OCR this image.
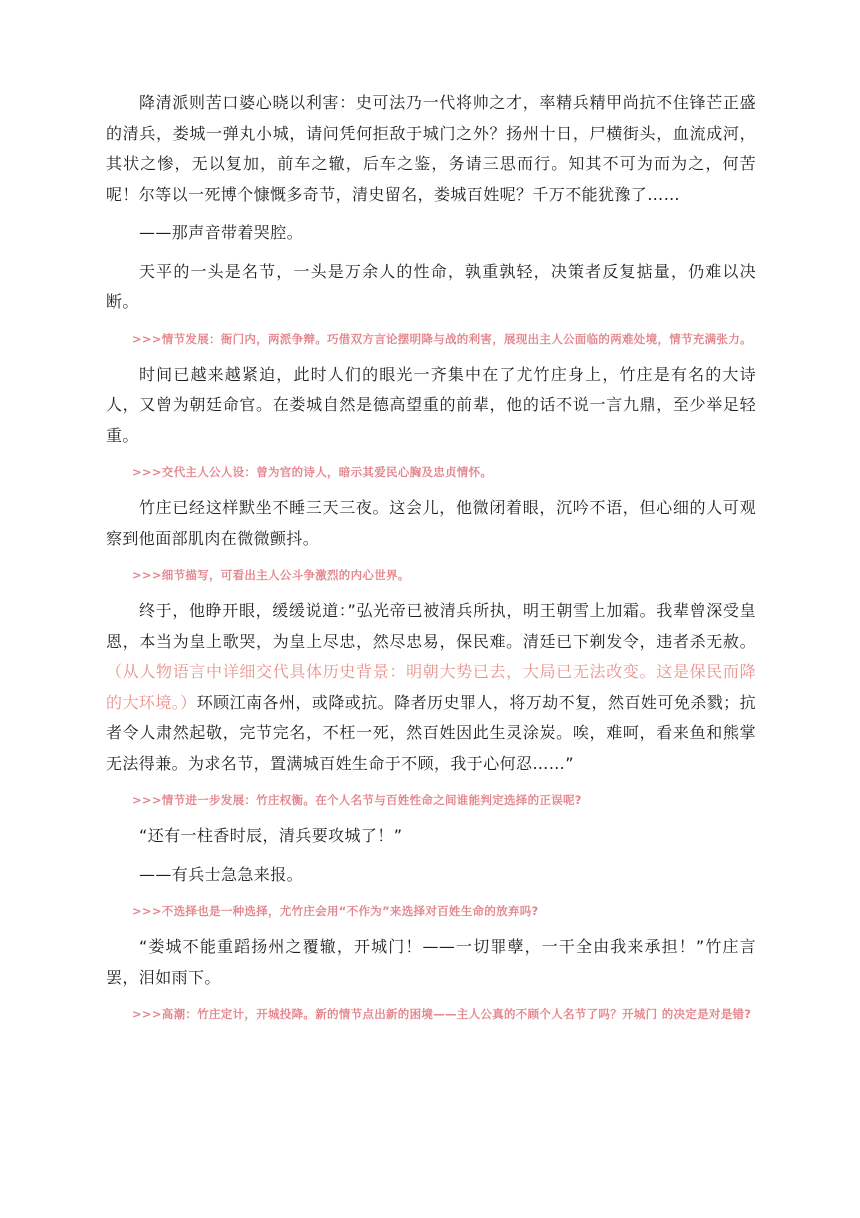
降清派则苦口婆心晓以利害：史可法乃一代将帅之才，率精兵精甲尚抗不住锋芒正盛的清兵，娄城一弹丸小城，请问凭何拒敌于城门之外？扬州十日，尸横街头，血流成河，其状之惨，无以复加，前车之辙，后车之鉴，务请三思而行。知其不可为而为之，何苦呢！尔等以一死博个慷慨多奇节，清史留名，娄城百姓呢？千万不能犹豫了……

——那声音带着哭腔。

天平的一头是名节，一头是万余人的性命，孰重孰轻，决策者反复掂量，仍难以决断。

>>>情节发展：衙门内，两派争辩。巧借双方言论摆明降与战的利害，展现出主人公面临的两难处境，情节充满张力。

时间已越来越紧迫，此时人们的眼光一齐集中在了尤竹庄身上，竹庄是有名的大诗人，又曾为朝廷命官。在娄城自然是德高望重的前辈，他的话不说一言九鼎，至少举足轻重。

>>>交代主人公人设：曾为官的诗人，暗示其爱民心胸及忠贞情怀。

竹庄已经这样默坐不睡三天三夜。这会儿，他微闭着眼，沉吟不语，但心细的人可观察到他面部肌肉在微微颤抖。

>>>细节描写，可看出主人公斗争激烈的内心世界。

终于，他睁开眼，缓缓说道：”弘光帝已被清兵所执，明王朝雪上加霜。我辈曾深受皇恩，本当为皇上歌哭，为皇上尽忠，然尽忠易，保民难。清廷已下剃发令，违者杀无赦。（从人物语言中详细交代具体历史背景：明朝大势已去，大局已无法改变。这是保民而降的大环境。）环顾江南各州，或降或抗。降者历史罪人，将万劫不复，然百姓可免杀戮；抗者令人肃然起敬，完节完名，不枉一死，然百姓因此生灵涂炭。唉，难呵，看来鱼和熊掌无法得兼。为求名节，置满城百姓生命于不顾，我于心何忍……”

>>>情节进一步发展：竹庄权衡。在个人名节与百姓性命之间谁能判定选择的正误呢?

“还有一柱香时辰，清兵要攻城了！”

——有兵士急急来报。

>>>不选择也是一种选择，尤竹庄会用“不作为”来选择对百姓生命的放弃吗?

“娄城不能重蹈扬州之覆辙，开城门！——一切罪孽，一干全由我来承担！”竹庄言罢，泪如雨下。

>>>高潮：竹庄定计，开城投降。新的情节点出新的困境——主人公真的不顾个人名节了吗？开城门 的决定是对是错?
